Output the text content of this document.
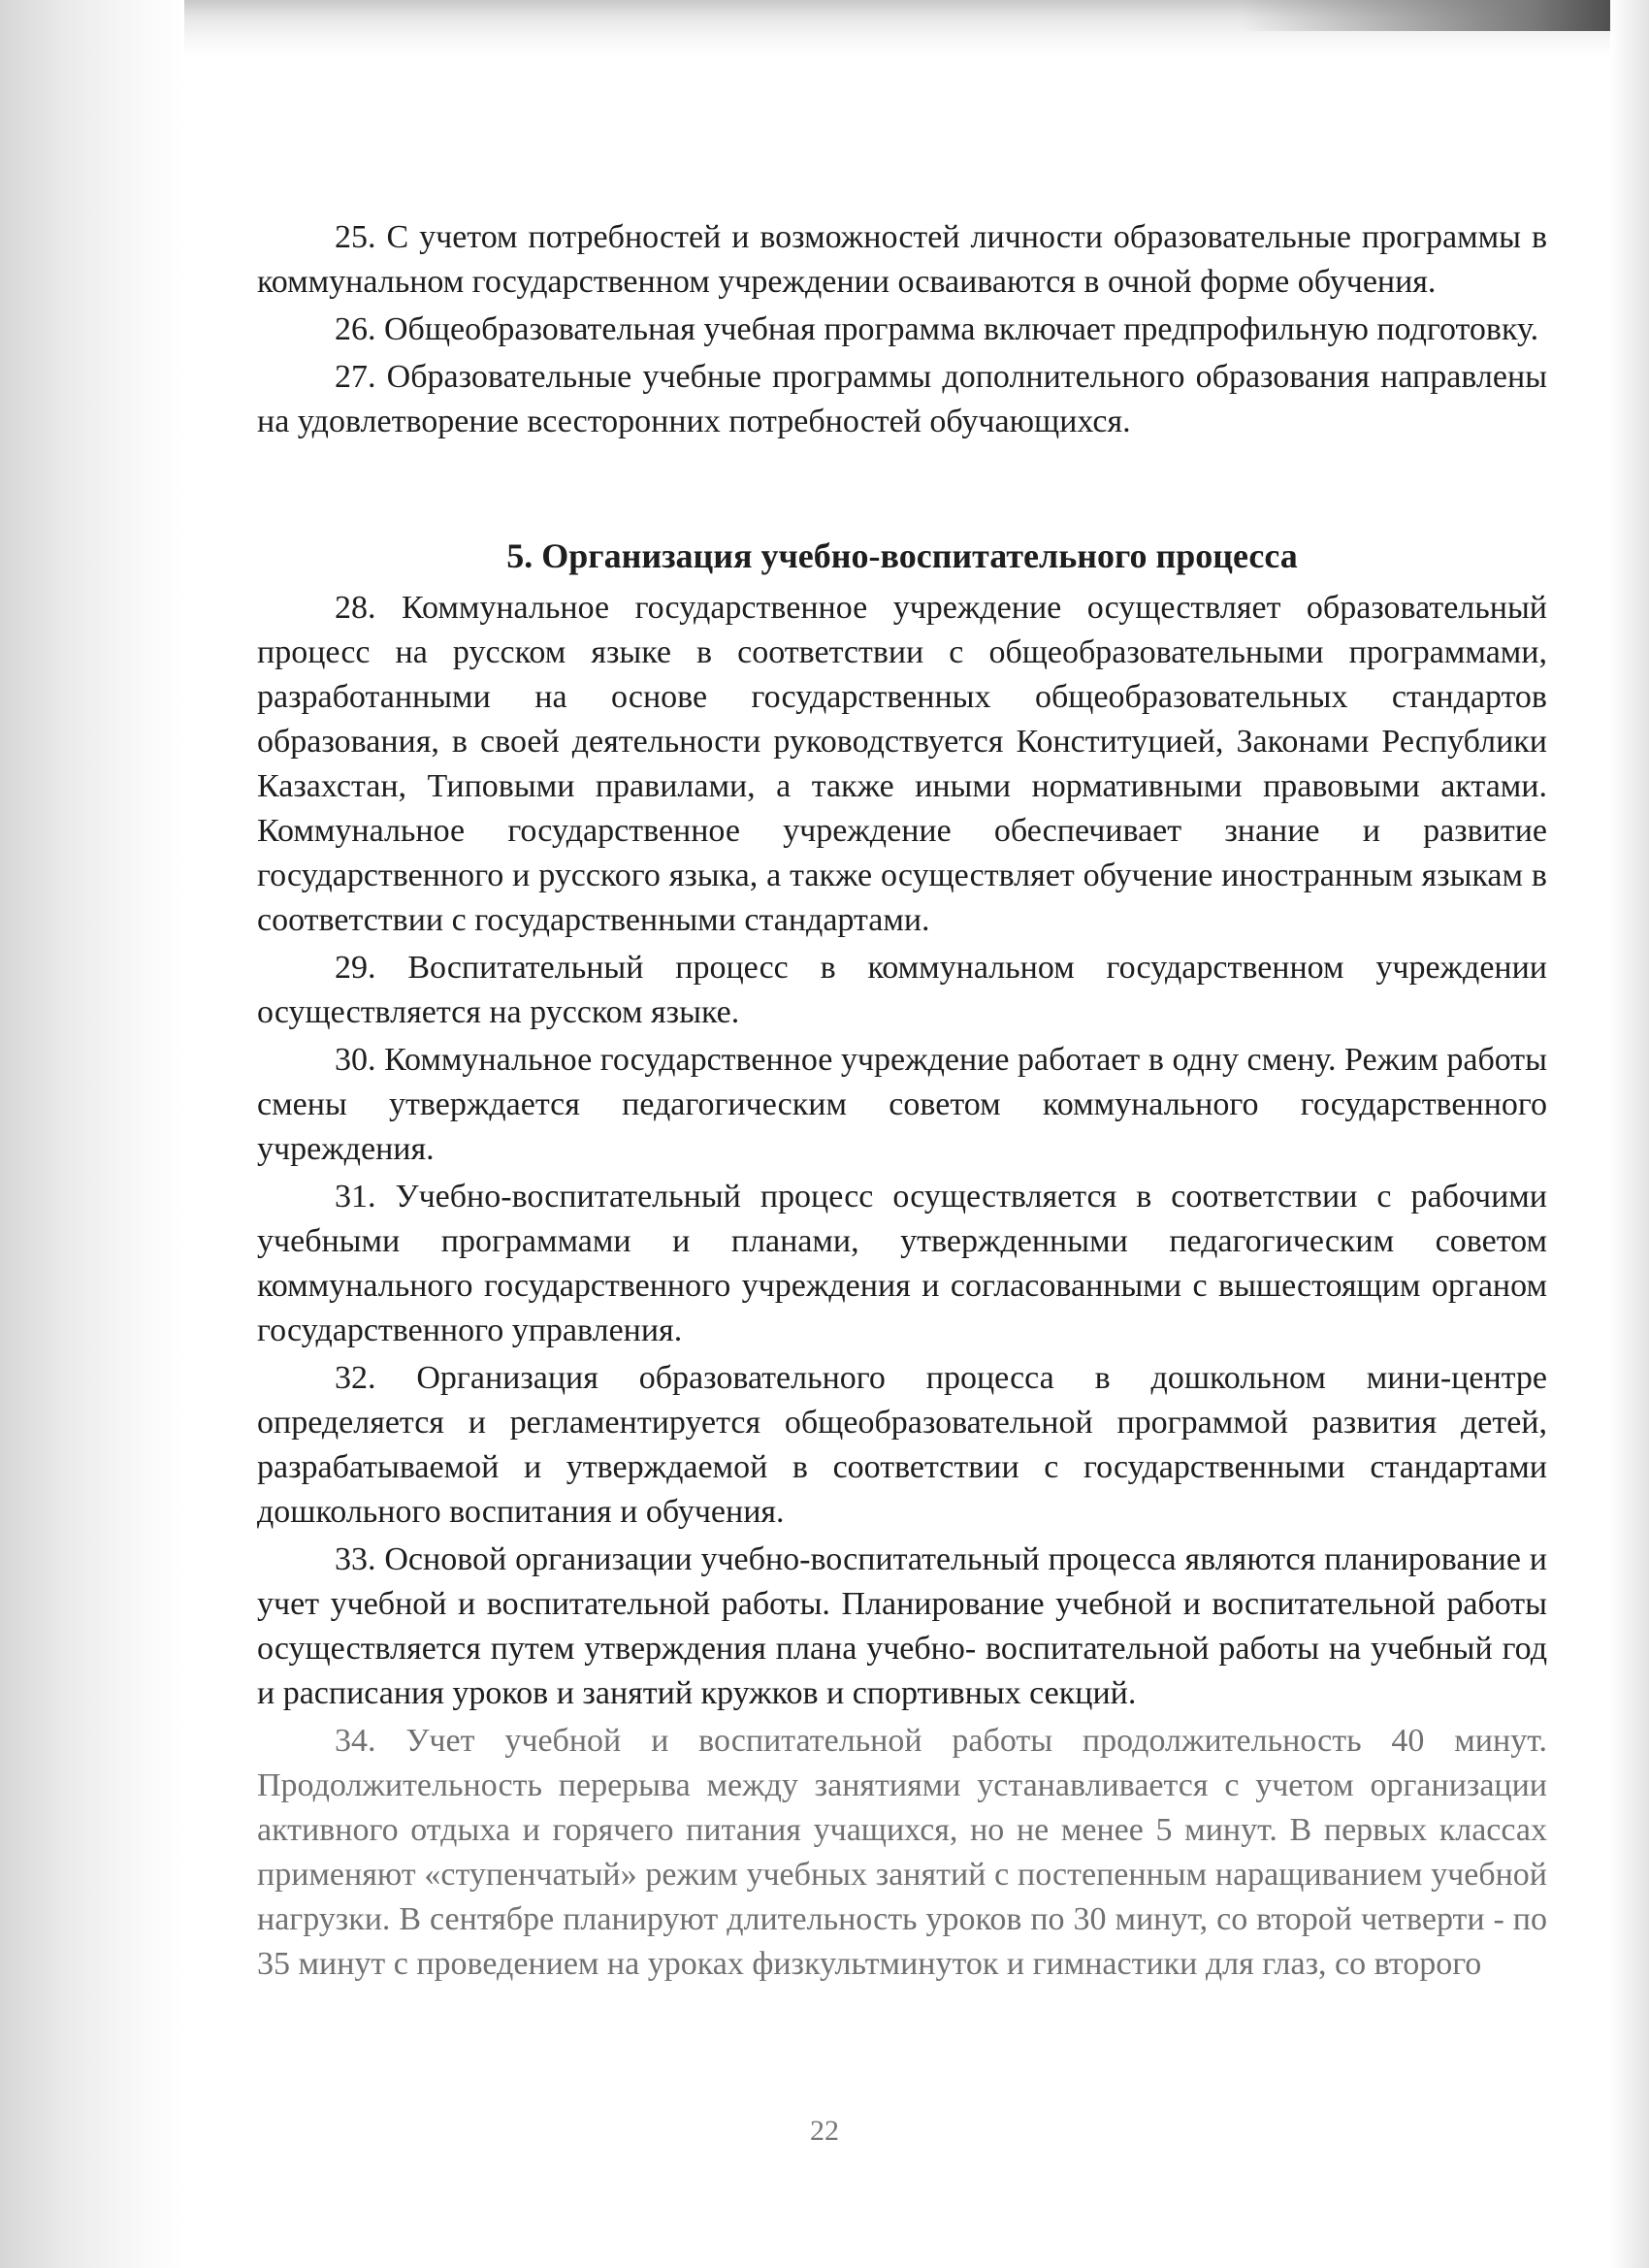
25. С учетом потребностей и возможностей личности образовательные программы в коммунальном государственном учреждении осваиваются в очной форме обучения.

26. Общеобразовательная учебная программа включает предпрофильную подготовку.

27. Образовательные учебные программы дополнительного образования направлены на удовлетворение всесторонних потребностей обучающихся.

5. Организация учебно-воспитательного процесса

28. Коммунальное государственное учреждение осуществляет образовательный процесс на русском языке в соответствии с общеобразовательными программами, разработанными на основе государственных общеобразовательных стандартов образования, в своей деятельности руководствуется Конституцией, Законами Республики Казахстан, Типовыми правилами, а также иными нормативными правовыми актами. Коммунальное государственное учреждение обеспечивает знание и развитие государственного и русского языка, а также осуществляет обучение иностранным языкам в соответствии с государственными стандартами.

29. Воспитательный процесс в коммунальном государственном учреждении осуществляется на русском языке.

30. Коммунальное государственное учреждение работает в одну смену. Режим работы смены утверждается педагогическим советом коммунального государственного учреждения.

31. Учебно-воспитательный процесс осуществляется в соответствии с рабочими учебными программами и планами, утвержденными педагогическим советом коммунального государственного учреждения и согласованными с вышестоящим органом государственного управления.

32. Организация образовательного процесса в дошкольном мини-центре определяется и регламентируется общеобразовательной программой развития детей, разрабатываемой и утверждаемой в соответствии с государственными стандартами дошкольного воспитания и обучения.

33. Основой организации учебно-воспитательный процесса являются планирование и учет учебной и воспитательной работы. Планирование учебной и воспитательной работы осуществляется путем утверждения плана учебно- воспитательной работы на учебный год и расписания уроков и занятий кружков и спортивных секций.

34. Учет учебной и воспитательной работы продолжительность 40 минут. Продолжительность перерыва между занятиями устанавливается с учетом организации активного отдыха и горячего питания учащихся, но не менее 5 минут. В первых классах применяют «ступенчатый» режим учебных занятий с постепенным наращиванием учебной нагрузки. В сентябре планируют длительность уроков по 30 минут, со второй четверти - по 35 минут с проведением на уроках физкультминуток и гимнастики для глаз, со второго

22
